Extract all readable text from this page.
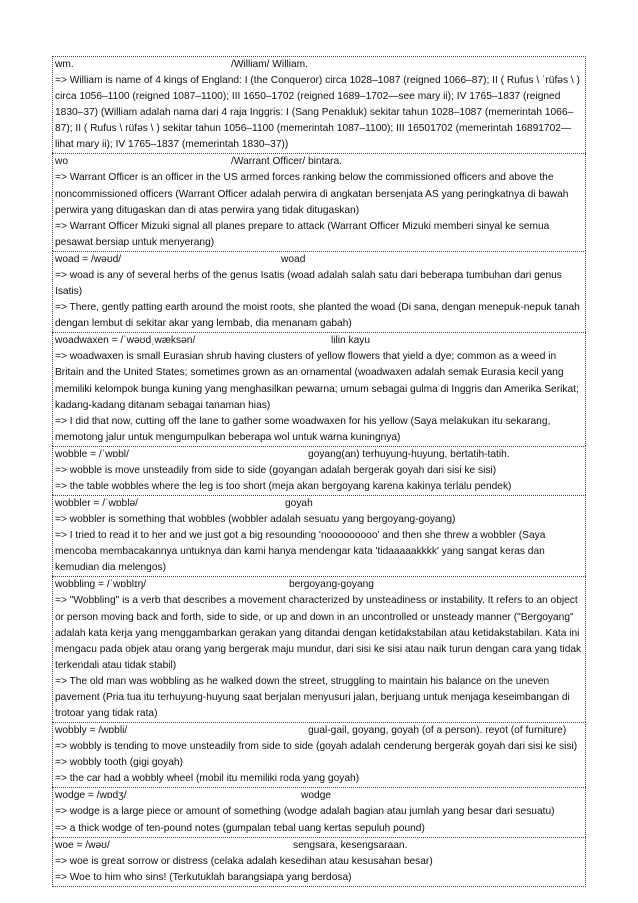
wm.	/William/ William.
=> William is name of 4 kings of England: I (the Conqueror) circa 1028–1087 (reigned 1066–87); II ( Rufus \ ˈrüfəs \ ) circa 1056–1100 (reigned 1087–1100); III 1650–1702 (reigned 1689–1702—see mary ii); IV 1765–1837 (reigned 1830–37) (William adalah nama dari 4 raja Inggris: I (Sang Penakluk) sekitar tahun 1028–1087 (memerintah 1066–87); II ( Rufus \ rüfəs \ ) sekitar tahun 1056–1100 (memerintah 1087–1100); III 16501702 (memerintah 16891702—lihat mary ii); IV 1765–1837 (memerintah 1830–37))
wo	/Warrant Officer/ bintara.
=> Warrant Officer is an officer in the US armed forces ranking below the commissioned officers and above the noncommissioned officers (Warrant Officer adalah perwira di angkatan bersenjata AS yang peringkatnya di bawah perwira yang ditugaskan dan di atas perwira yang tidak ditugaskan)
=> Warrant Officer Mizuki signal all planes prepare to attack (Warrant Officer Mizuki memberi sinyal ke semua pesawat bersiap untuk menyerang)
woad = /wəʊd/	woad
=> woad is any of several herbs of the genus Isatis (woad adalah salah satu dari beberapa tumbuhan dari genus Isatis)
=> There, gently patting earth around the moist roots, she planted the woad (Di sana, dengan menepuk-nepuk tanah dengan lembut di sekitar akar yang lembab, dia menanam gabah)
woadwaxen = /ˈwəʊdˌwæksən/	lilin kayu
=> woadwaxen is small Eurasian shrub having clusters of yellow flowers that yield a dye; common as a weed in Britain and the United States; sometimes grown as an ornamental (woadwaxen adalah semak Eurasia kecil yang memiliki kelompok bunga kuning yang menghasilkan pewarna; umum sebagai gulma di Inggris dan Amerika Serikat; kadang-kadang ditanam sebagai tanaman hias)
=> I did that now, cutting off the lane to gather some woadwaxen for his yellow (Saya melakukan itu sekarang, memotong jalur untuk mengumpulkan beberapa wol untuk warna kuningnya)
wobble = /ˈwɒbl/	goyang(an) terhuyung-huyung, bertatih-tatih.
=> wobble is move unsteadily from side to side (goyangan adalah bergerak goyah dari sisi ke sisi)
=> the table wobbles where the leg is too short (meja akan bergoyang karena kakinya terlalu pendek)
wobbler = /ˈwɒblə/	goyah
=> wobbler is something that wobbles (wobbler adalah sesuatu yang bergoyang-goyang)
=> I tried to read it to her and we just got a big resounding 'nooooooooo' and then she threw a wobbler (Saya mencoba membacakannya untuknya dan kami hanya mendengar kata 'tidaaaaakkkk' yang sangat keras dan kemudian dia melengos)
wobbling = /ˈwɒblɪŋ/	bergoyang-goyang
=> "Wobbling" is a verb that describes a movement characterized by unsteadiness or instability. It refers to an object or person moving back and forth, side to side, or up and down in an uncontrolled or unsteady manner ("Bergoyang" adalah kata kerja yang menggambarkan gerakan yang ditandai dengan ketidakstabilan atau ketidakstabilan. Kata ini mengacu pada objek atau orang yang bergerak maju mundur, dari sisi ke sisi atau naik turun dengan cara yang tidak terkendali atau tidak stabil)
=> The old man was wobbling as he walked down the street, struggling to maintain his balance on the uneven pavement (Pria tua itu terhuyung-huyung saat berjalan menyusuri jalan, berjuang untuk menjaga keseimbangan di trotoar yang tidak rata)
wobbly = /wɒbli/	gual-gail, goyang, goyah (of a person). reyot (of furniture)
=> wobbly is tending to move unsteadily from side to side (goyah adalah cenderung bergerak goyah dari sisi ke sisi)
=> wobbly tooth (gigi goyah)
=> the car had a wobbly wheel (mobil itu memiliki roda yang goyah)
wodge = /wɒdʒ/	wodge
=> wodge is a large piece or amount of something (wodge adalah bagian atau jumlah yang besar dari sesuatu)
=> a thick wodge of ten-pound notes (gumpalan tebal uang kertas sepuluh pound)
woe = /wəʊ/	sengsara, kesengsaraan.
=> woe is great sorrow or distress (celaka adalah kesedihan atau kesusahan besar)
=> Woe to him who sins! (Terkutuklah barangsiapa yang berdosa)
